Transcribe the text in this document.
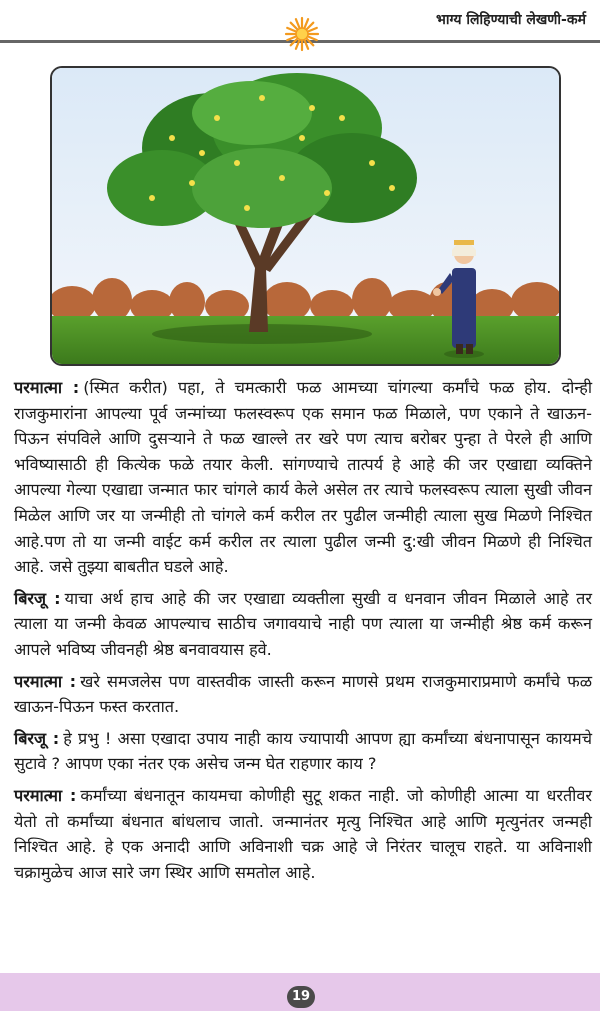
भाग्य लिहिण्याची लेखणी-कर्म

परमात्मा : (स्मित करीत) पहा, ते चमत्कारी फळ आमच्या चांगल्या कर्मांचे फळ होय. दोन्ही राजकुमारांना आपल्या पूर्व जन्मांच्या फलस्वरूप एक समान फळ मिळाले, पण एकाने ते खाऊन-पिऊन संपविले आणि दुसऱ्याने ते फळ खाल्ले तर खरे पण त्याच बरोबर पुन्हा ते पेरले ही आणि भविष्यासाठी ही कित्येक फळे तयार केली. सांगण्याचे तात्पर्य हे आहे की जर एखाद्या व्यक्तिने आपल्या गेल्या एखाद्या जन्मात फार चांगले कार्य केले असेल तर त्याचे फलस्वरूप त्याला सुखी जीवन मिळेल आणि जर या जन्मीही तो चांगले कर्म करील तर पुढील जन्मीही त्याला सुख मिळणे निश्चित आहे.पण तो या जन्मी वाईट कर्म करील तर त्याला पुढील जन्मी दु:खी जीवन मिळणे ही निश्चित आहे. जसे तुझ्या बाबतीत घडले आहे.

बिरजू : याचा अर्थ हाच आहे की जर एखाद्या व्यक्तीला सुखी व धनवान जीवन मिळाले आहे तर त्याला या जन्मी केवळ आपल्याच साठीच जगावयाचे नाही पण त्याला या जन्मीही श्रेष्ठ कर्म करून आपले भविष्य जीवनही श्रेष्ठ बनवावयास हवे.

परमात्मा : खरे समजलेस पण वास्तवीक जास्ती करून माणसे प्रथम राजकुमाराप्रमाणे कर्मांचे फळ खाऊन-पिऊन फस्त करतात.

बिरजू : हे प्रभु ! असा एखादा उपाय नाही काय ज्यापायी आपण ह्या कर्मांच्या बंधनापासून कायमचे सुटावे ? आपण एका नंतर एक असेच जन्म घेत राहणार काय ?

परमात्मा : कर्मांच्या बंधनातून कायमचा कोणीही सुटू शकत नाही. जो कोणीही आत्मा या धरतीवर येतो तो कर्मांच्या बंधनात बांधलाच जातो. जन्मानंतर मृत्यु निश्चित आहे आणि मृत्युनंतर जन्मही निश्चित आहे. हे एक अनादी आणि अविनाशी चक्र आहे जे निरंतर चालूच राहते. या अविनाशी चक्रामुळेच आज सारे जग स्थिर आणि समतोल आहे.

19
